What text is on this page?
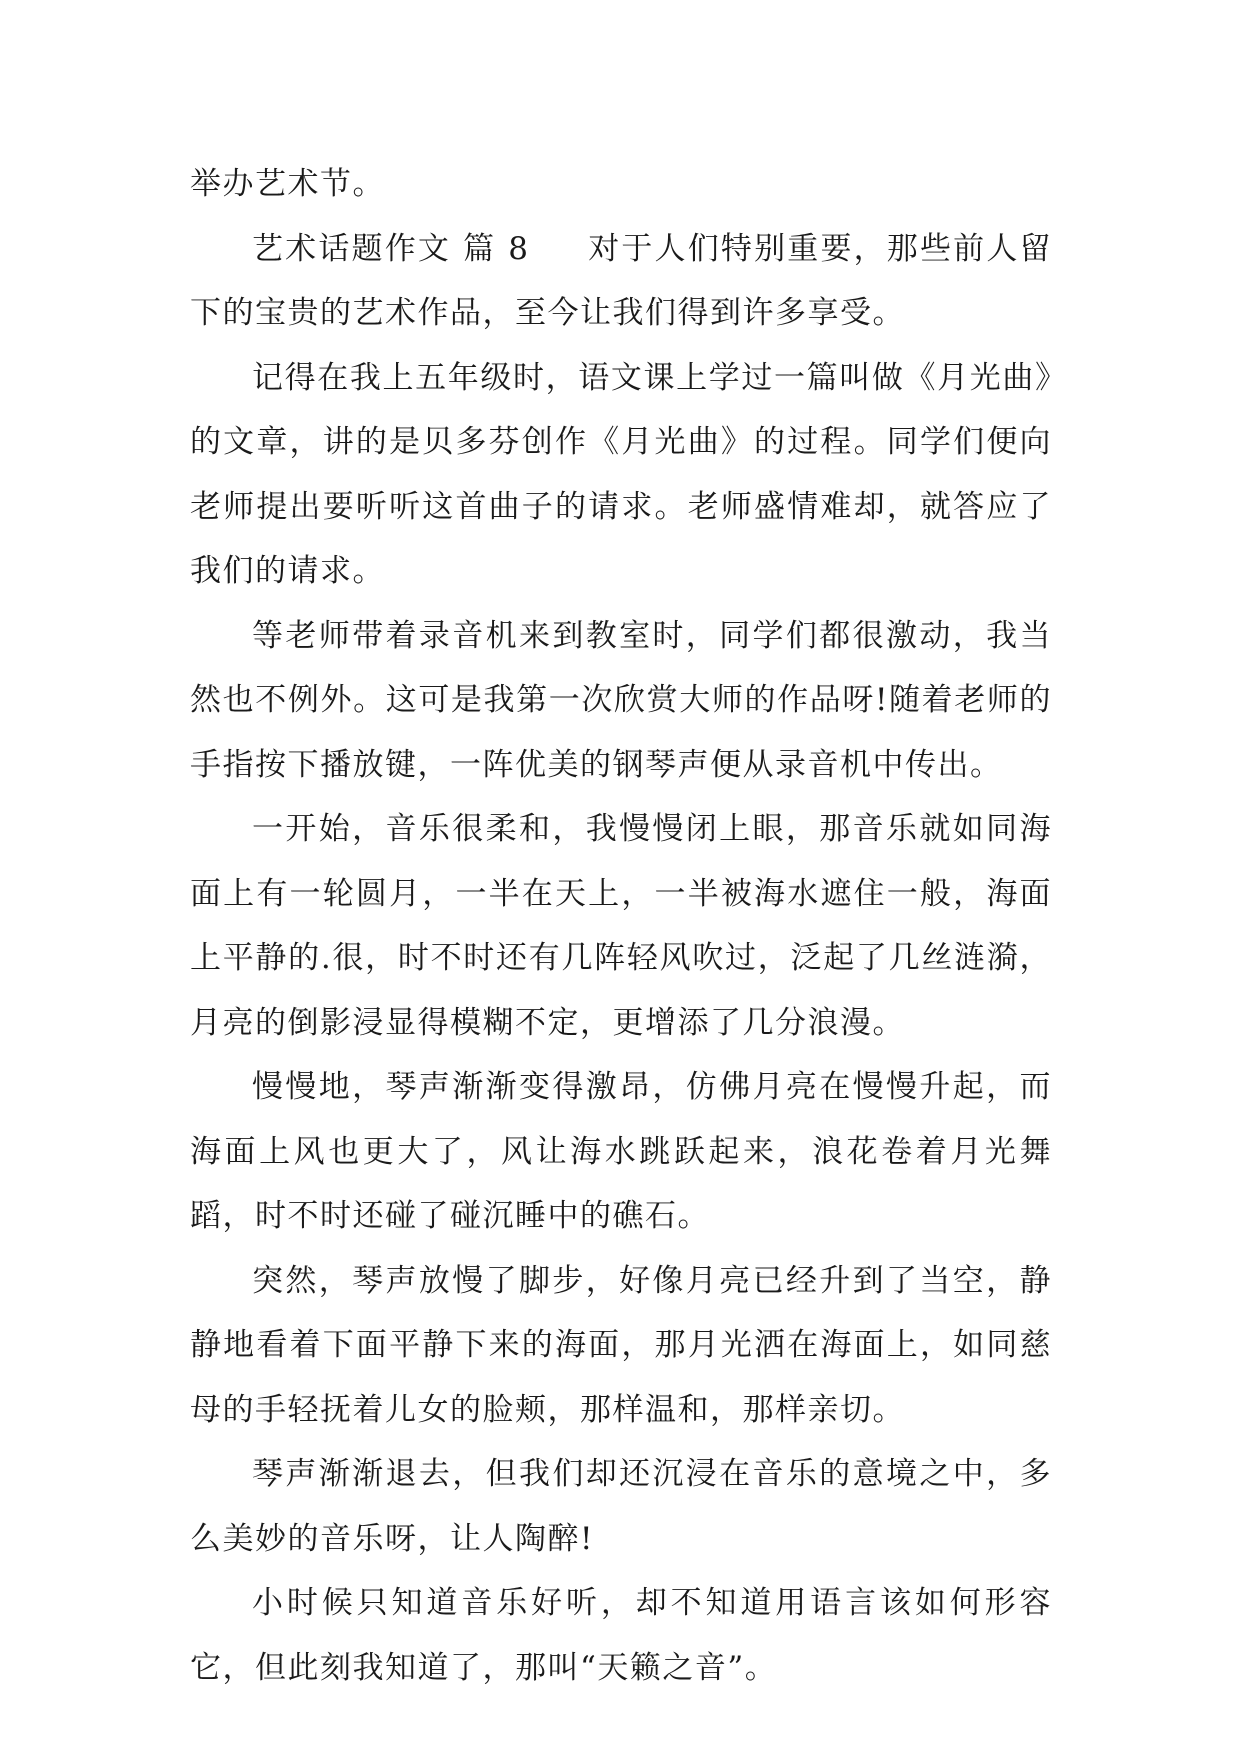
举办艺术节。

艺术话题作文 篇 8 对于人们特别重要，那些前人留下的宝贵的艺术作品，至今让我们得到许多享受。

记得在我上五年级时，语文课上学过一篇叫做《月光曲》的文章，讲的是贝多芬创作《月光曲》的过程。同学们便向老师提出要听听这首曲子的请求。老师盛情难却，就答应了我们的请求。

等老师带着录音机来到教室时，同学们都很激动，我当然也不例外。这可是我第一次欣赏大师的作品呀!随着老师的手指按下播放键，一阵优美的钢琴声便从录音机中传出。

一开始，音乐很柔和，我慢慢闭上眼，那音乐就如同海面上有一轮圆月，一半在天上，一半被海水遮住一般，海面上平静的.很，时不时还有几阵轻风吹过，泛起了几丝涟漪，月亮的倒影浸显得模糊不定，更增添了几分浪漫。

慢慢地，琴声渐渐变得激昂，仿佛月亮在慢慢升起，而海面上风也更大了，风让海水跳跃起来，浪花卷着月光舞蹈，时不时还碰了碰沉睡中的礁石。

突然，琴声放慢了脚步，好像月亮已经升到了当空，静静地看着下面平静下来的海面，那月光洒在海面上，如同慈母的手轻抚着儿女的脸颊，那样温和，那样亲切。

琴声渐渐退去，但我们却还沉浸在音乐的意境之中，多么美妙的音乐呀，让人陶醉!

小时候只知道音乐好听，却不知道用语言该如何形容它，但此刻我知道了，那叫“天籁之音”。
